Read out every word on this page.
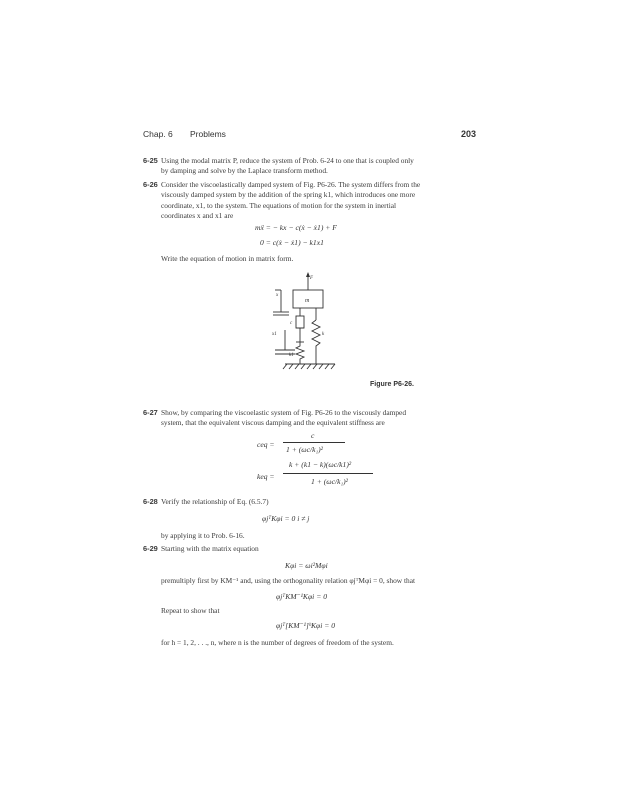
Chap. 6 Problems	203
6-25 Using the modal matrix P, reduce the system of Prob. 6-24 to one that is coupled only
by damping and solve by the Laplace transform method.
6-26 Consider the viscoelastically damped system of Fig. P6-26. The system differs from the
viscously damped system by the addition of the spring k1, which introduces one more
coordinate, x1, to the system. The equations of motion for the system in inertial
coordinates x and x1 are
mẍ = − kx − c(ẋ − ẋ1) + F
0 = c(ẋ − ẋ1) − k1x1
Write the equation of motion in matrix form.
F
x
m
c
k
x1
k1
Figure P6-26.
6-27 Show, by comparing the viscoelastic system of Fig. P6-26 to the viscously damped
system, that the equivalent viscous damping and the equivalent stiffness are
ceq =
c
1 + (ωc/k₁)²
keq =
k + (k1 − k)(ωc/k1)²
1 + (ωc/k₁)²
6-28 Verify the relationship of Eq. (6.5.7)
φjᵀKφi = 0 i ≠ j
by applying it to Prob. 6-16.
6-29 Starting with the matrix equation
Kφi = ωi²Mφi
premultiply first by KM⁻¹ and, using the orthogonality relation φjᵀMφi = 0, show that
φjᵀKM⁻¹Kφi = 0
Repeat to show that
φjᵀ[KM⁻¹]ʰKφi = 0
for h = 1, 2, . . ., n, where n is the number of degrees of freedom of the system.
